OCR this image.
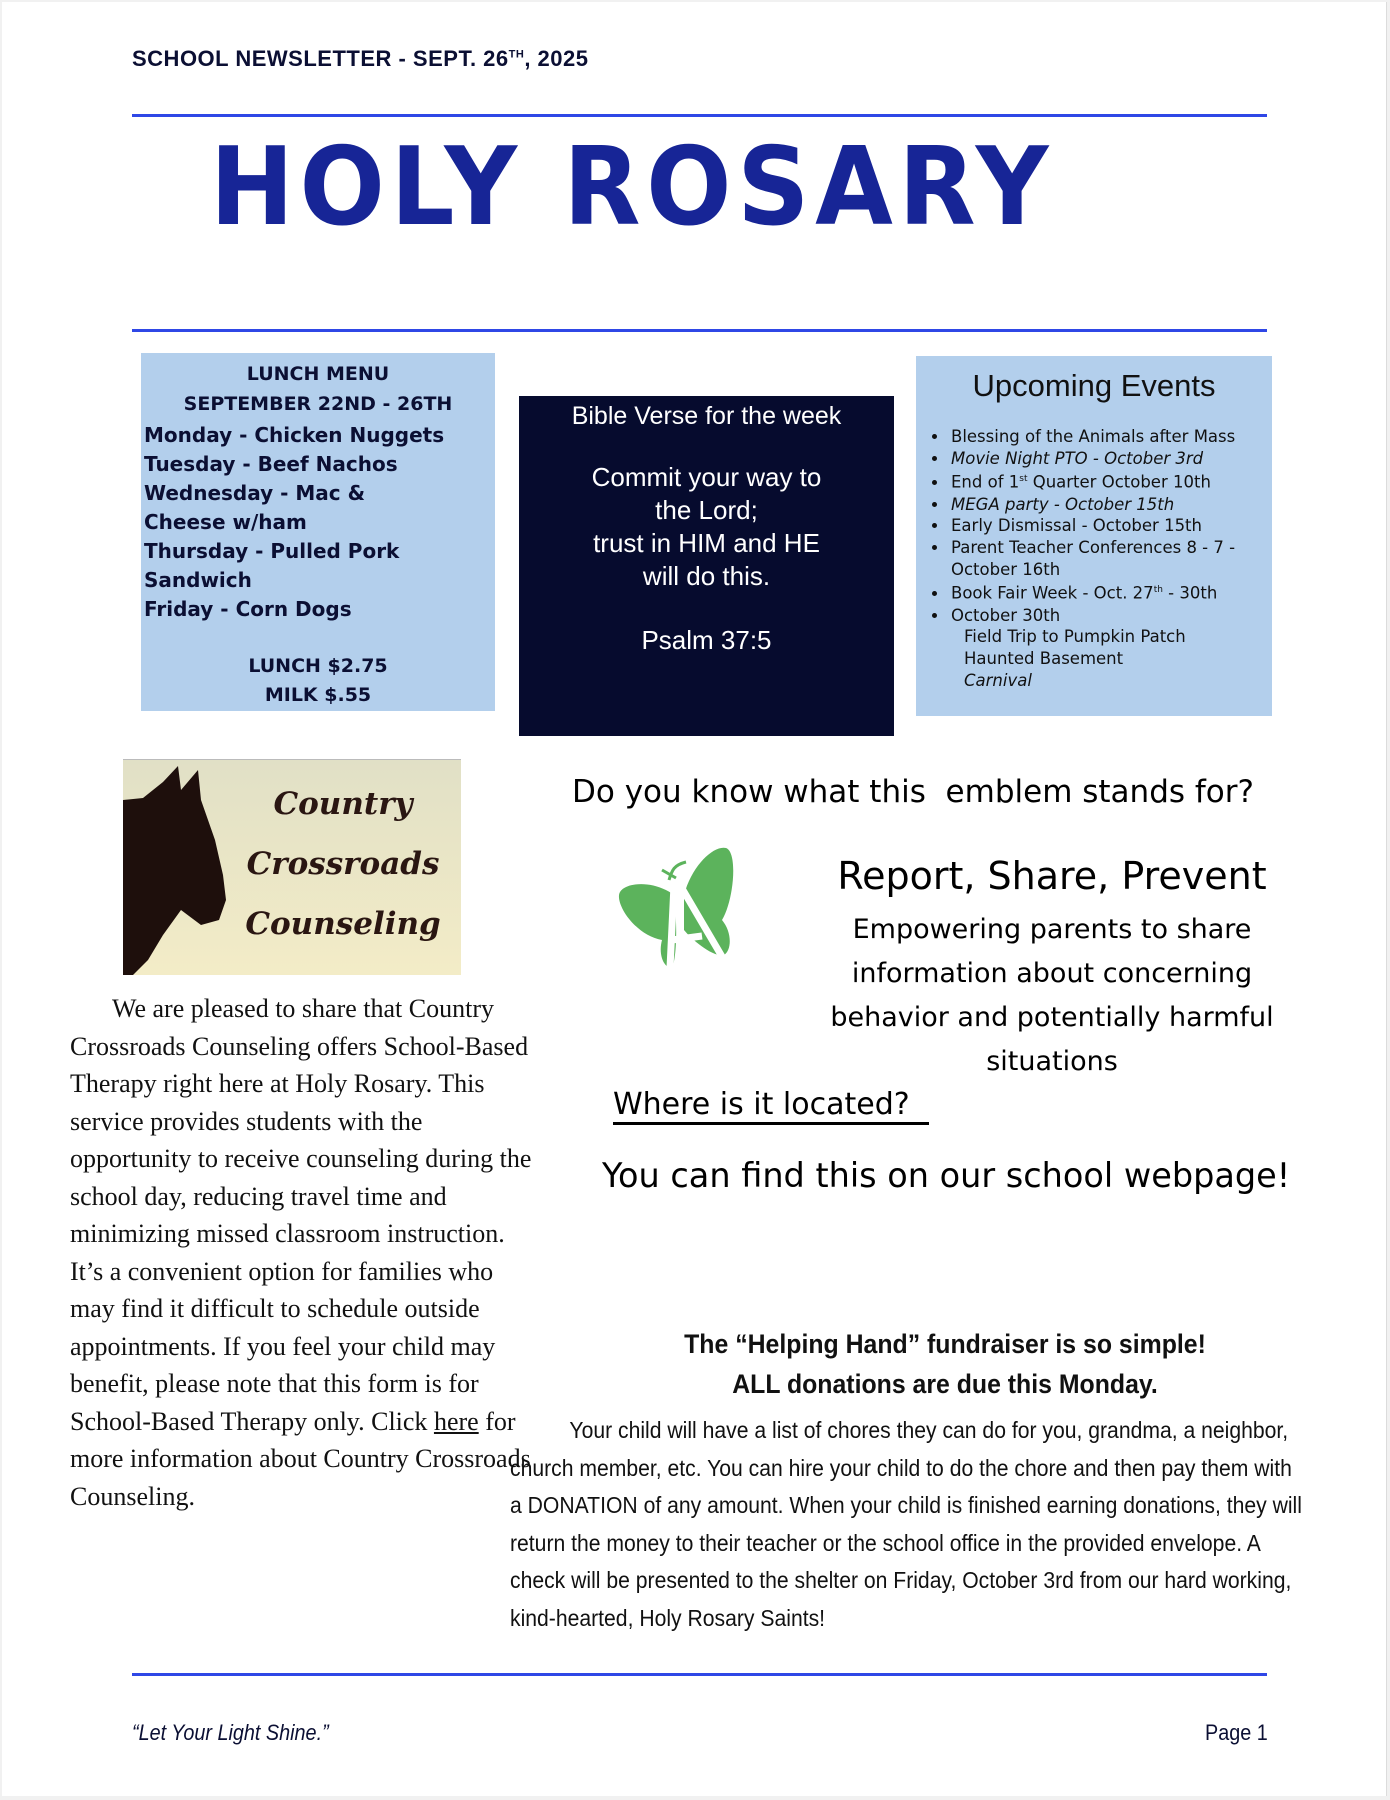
SCHOOL NEWSLETTER - SEPT. 26TH, 2025
HOLY ROSARY
LUNCH MENU
SEPTEMBER 22ND - 26TH
Monday - Chicken Nuggets
Tuesday - Beef Nachos
Wednesday - Mac & Cheese w/ham
Thursday - Pulled Pork Sandwich
Friday - Corn Dogs
LUNCH $2.75
MILK $.55
Bible Verse for the week
Commit your way to
the Lord;
trust in HIM and HE
will do this.
Psalm 37:5
Upcoming Events
• Blessing of the Animals after Mass
• Movie Night PTO - October 3rd
• End of 1st Quarter October 10th
• MEGA party - October 15th
• Early Dismissal - October 15th
• Parent Teacher Conferences 8 - 7 - October 16th
• Book Fair Week - Oct. 27th - 30th
• October 30th
Field Trip to Pumpkin Patch
Haunted Basement
Carnival
Country
Crossroads
Counseling
We are pleased to share that Country Crossroads Counseling offers School-Based Therapy right here at Holy Rosary. This service provides students with the opportunity to receive counseling during the school day, reducing travel time and minimizing missed classroom instruction. It’s a convenient option for families who may find it difficult to schedule outside appointments. If you feel your child may benefit, please note that this form is for School-Based Therapy only. Click here for more information about Country Crossroads Counseling.
Do you know what this  emblem stands for?
Report, Share, Prevent
Empowering parents to share information about concerning behavior and potentially harmful situations
Where is it located?
You can find this on our school webpage!
The “Helping Hand” fundraiser is so simple!
ALL donations are due this Monday.
Your child will have a list of chores they can do for you, grandma, a neighbor, church member, etc. You can hire your child to do the chore and then pay them with a DONATION of any amount. When your child is finished earning donations, they will return the money to their teacher or the school office in the provided envelope. A check will be presented to the shelter on Friday, October 3rd from our hard working, kind-hearted, Holy Rosary Saints!
“Let Your Light Shine.”	Page 1
